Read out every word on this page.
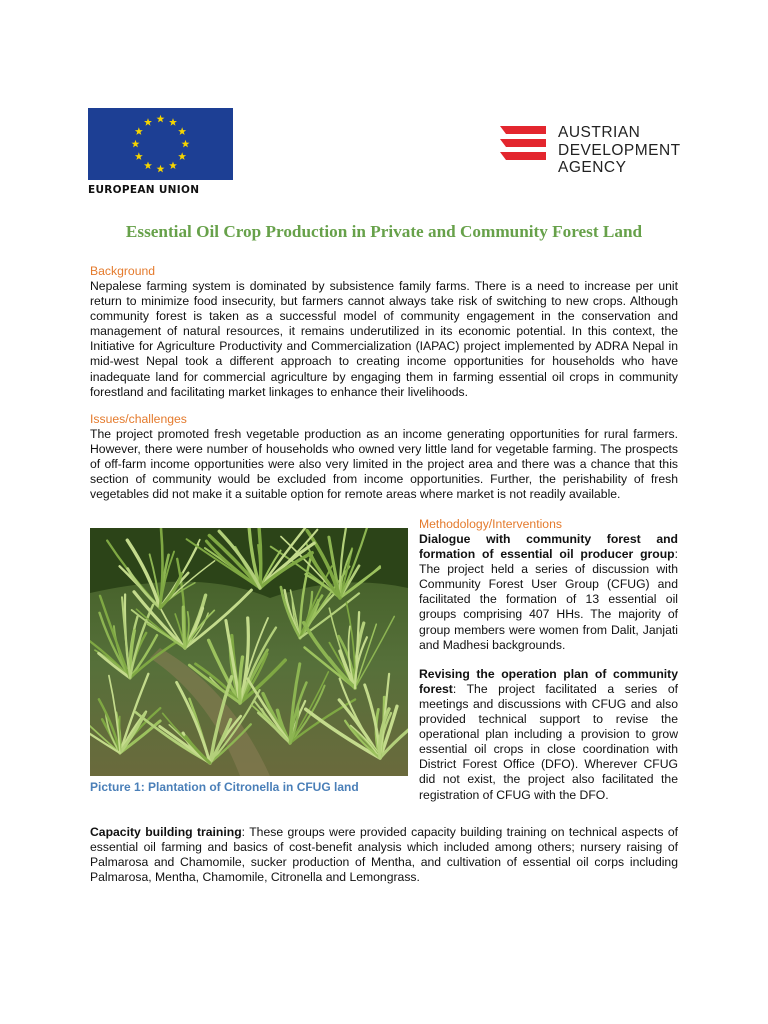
EUROPEAN UNION
AUSTRIAN
DEVELOPMENT
AGENCY
Essential Oil Crop Production in Private and Community Forest Land
Background

Nepalese farming system is dominated by subsistence family farms. There is a need to increase per unit return to minimize food insecurity, but farmers cannot always take risk of switching to new crops. Although community forest is taken as a successful model of community engagement in the conservation and management of natural resources, it remains underutilized in its economic potential. In this context, the Initiative for Agriculture Productivity and Commercialization (IAPAC) project implemented by ADRA Nepal in mid-west Nepal took a different approach to creating income opportunities for households who have inadequate land for commercial agriculture by engaging them in farming essential oil crops in community forestland and facilitating market linkages to enhance their livelihoods.

Issues/challenges

The project promoted fresh vegetable production as an income generating opportunities for rural farmers. However, there were number of households who owned very little land for vegetable farming. The prospects of off-farm income opportunities were also very limited in the project area and there was a chance that this section of community would be excluded from income opportunities. Further, the perishability of fresh vegetables did not make it a suitable option for remote areas where market is not readily available.

Picture 1: Plantation of Citronella in CFUG land
Methodology/Interventions

Dialogue with community forest and formation of essential oil producer group: The project held a series of discussion with Community Forest User Group (CFUG) and facilitated the formation of 13 essential oil groups comprising 407 HHs. The majority of group members were women from Dalit, Janjati and Madhesi backgrounds.

Revising the operation plan of community forest: The project facilitated a series of meetings and discussions with CFUG and also provided technical support to revise the operational plan including a provision to grow essential oil crops in close coordination with District Forest Office (DFO). Wherever CFUG did not exist, the project also facilitated the registration of CFUG with the DFO.

Capacity building training: These groups were provided capacity building training on technical aspects of essential oil farming and basics of cost-benefit analysis which included among others; nursery raising of Palmarosa and Chamomile, sucker production of Mentha, and cultivation of essential oil corps including Palmarosa, Mentha, Chamomile, Citronella and Lemongrass.
